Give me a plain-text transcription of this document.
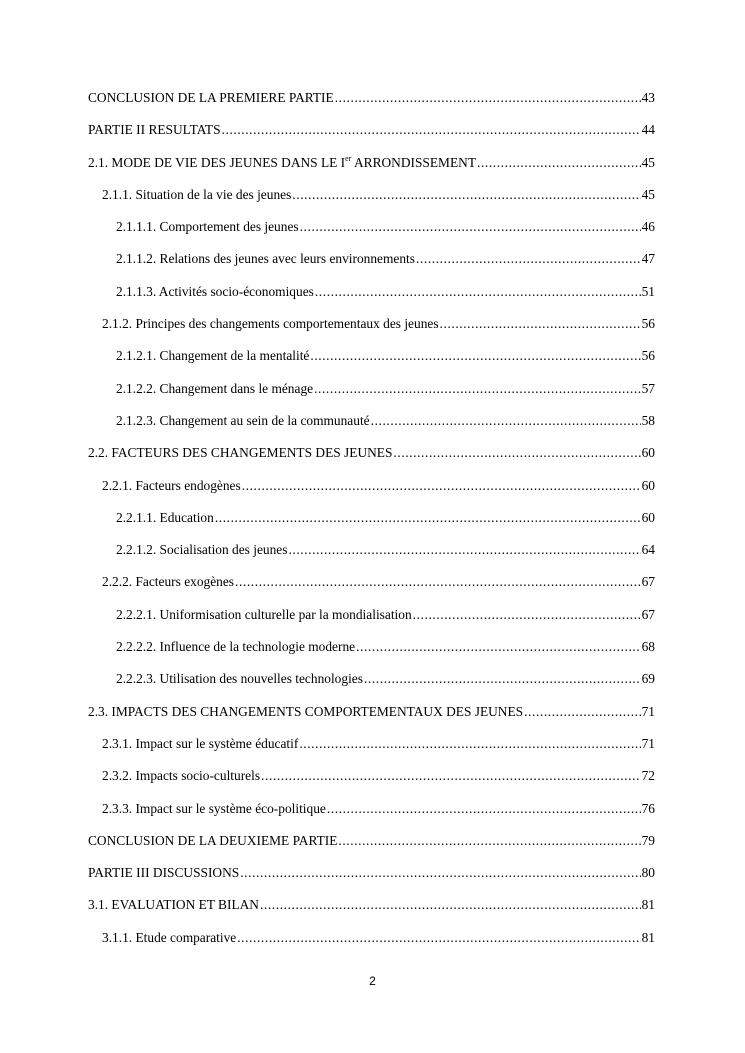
CONCLUSION DE LA PREMIERE PARTIE .....	43
PARTIE II RESULTATS .....	44
2.1. MODE DE VIE DES JEUNES DANS LE Ier ARRONDISSEMENT .....	45
2.1.1. Situation de la vie des jeunes .....	45
2.1.1.1. Comportement des jeunes .....	46
2.1.1.2. Relations des jeunes avec leurs environnements .....	47
2.1.1.3. Activités socio-économiques .....	51
2.1.2. Principes des changements comportementaux des jeunes .....	56
2.1.2.1. Changement de la mentalité .....	56
2.1.2.2. Changement dans le ménage .....	57
2.1.2.3. Changement au sein de la communauté .....	58
2.2. FACTEURS DES CHANGEMENTS DES JEUNES .....	60
2.2.1. Facteurs endogènes .....	60
2.2.1.1. Education .....	60
2.2.1.2. Socialisation des jeunes .....	64
2.2.2. Facteurs exogènes .....	67
2.2.2.1. Uniformisation culturelle par la mondialisation .....	67
2.2.2.2. Influence de la technologie moderne .....	68
2.2.2.3. Utilisation des nouvelles technologies .....	69
2.3. IMPACTS DES CHANGEMENTS COMPORTEMENTAUX DES JEUNES .....	71
2.3.1. Impact sur le système éducatif .....	71
2.3.2. Impacts socio-culturels .....	72
2.3.3. Impact sur le système éco-politique .....	76
CONCLUSION DE LA DEUXIEME PARTIE .....	79
PARTIE III DISCUSSIONS .....	80
3.1. EVALUATION ET BILAN .....	81
3.1.1. Etude comparative .....	81
2
